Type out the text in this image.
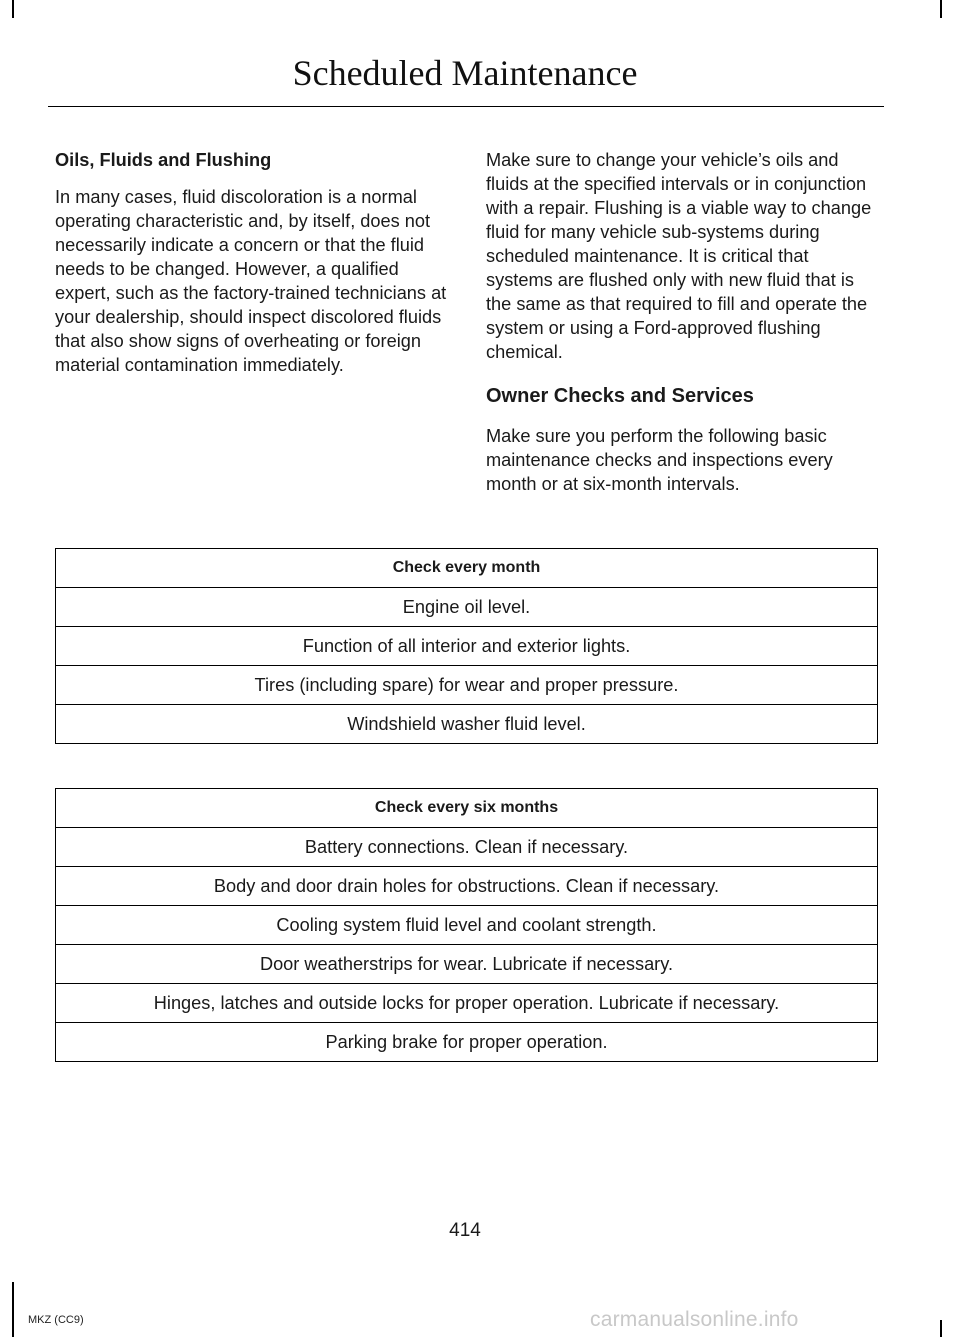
Scheduled Maintenance

Oils, Fluids and Flushing

In many cases, fluid discoloration is a normal operating characteristic and, by itself, does not necessarily indicate a concern or that the fluid needs to be changed. However, a qualified expert, such as the factory-trained technicians at your dealership, should inspect discolored fluids that also show signs of overheating or foreign material contamination immediately.

Make sure to change your vehicle’s oils and fluids at the specified intervals or in conjunction with a repair. Flushing is a viable way to change fluid for many vehicle sub-systems during scheduled maintenance. It is critical that systems are flushed only with new fluid that is the same as that required to fill and operate the system or using a Ford-approved flushing chemical.

Owner Checks and Services

Make sure you perform the following basic maintenance checks and inspections every month or at six-month intervals.

Check every month
Engine oil level.
Function of all interior and exterior lights.
Tires (including spare) for wear and proper pressure.
Windshield washer fluid level.
Check every six months
Battery connections. Clean if necessary.
Body and door drain holes for obstructions. Clean if necessary.
Cooling system fluid level and coolant strength.
Door weatherstrips for wear. Lubricate if necessary.
Hinges, latches and outside locks for proper operation. Lubricate if necessary.
Parking brake for proper operation.
414
MKZ (CC9)	carmanualsonline.info
